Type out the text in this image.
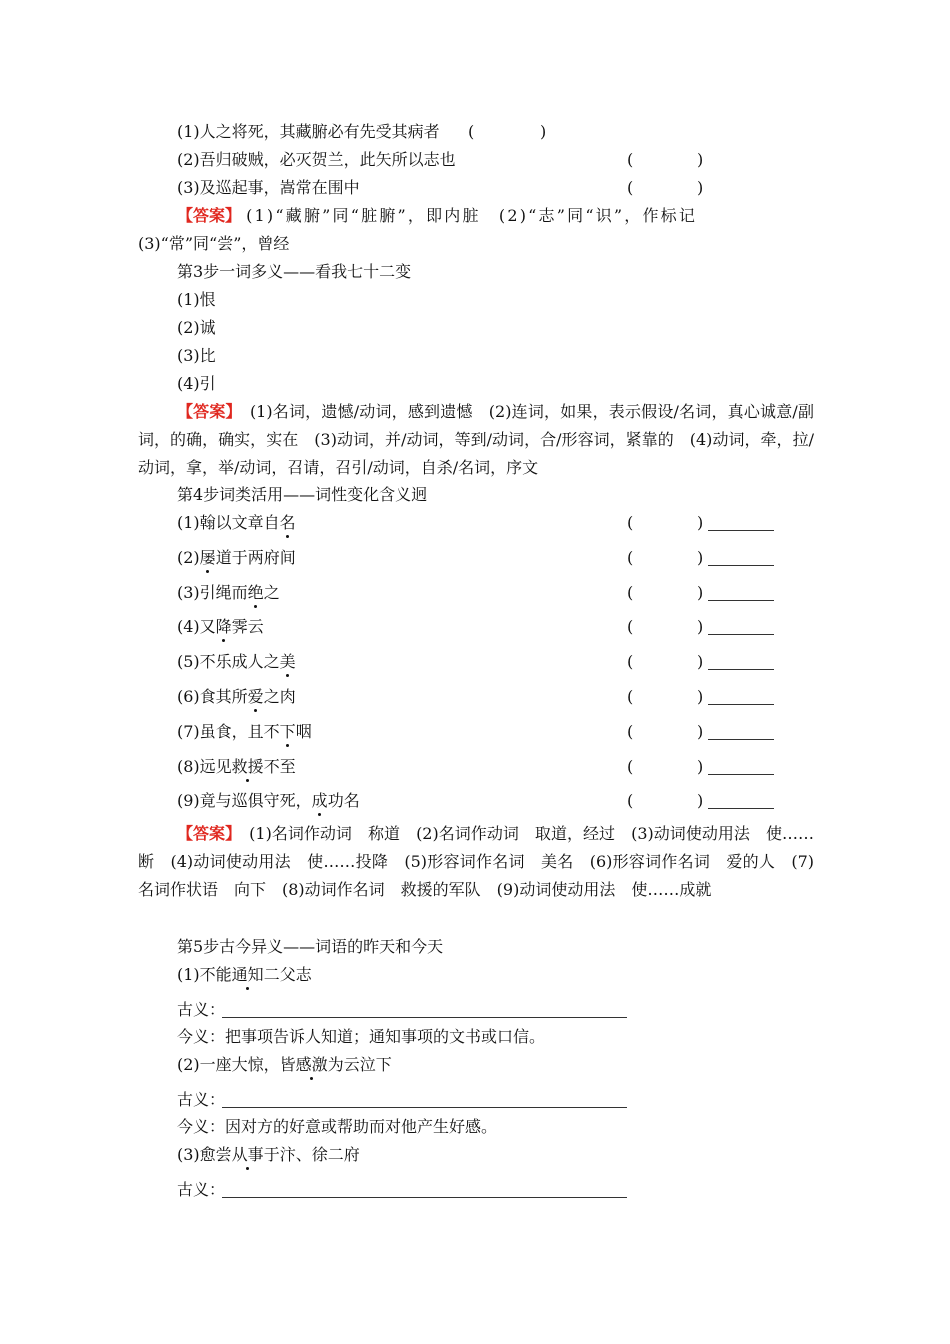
(1)人之将死，其藏腑必有先受其病者 (	)
(2)吾归破贼，必灭贺兰，此矢所以志也	(	)
(3)及巡起事，嵩常在围中	(	)
【答案】 (1)“藏腑”同“脏腑”，即内脏　(2)“志”同“识”，作标记
(3)“常”同“尝”，曾经
第3步一词多义——看我七十二变
(1)恨
(2)诚
(3)比
(4)引
【答案】　 (1)名词，遗憾/动词，感到遗憾　(2)连词，如果，表示假设/名词，真心诚意/副词，的确，确实，实在　(3)动词，并/动词，等到/动词，合/形容词，紧靠的　(4)动词，牵，拉/动词，拿，举/动词，召请，召引/动词，自杀/名词，序文
第4步词类活用——词性变化含义迥
(1)翰以文章自名	(	)
(2)屡道于两府间	(	)
(3)引绳而绝之	(	)
(4)又降霁云	(	)
(5)不乐成人之美	(	)
(6)食其所爱之肉	(	)
(7)虽食，且不下咽	(	)
(8)远见救援不至	(	)
(9)竟与巡俱守死，成功名	(	)
【答案】　 (1)名词作动词　称道　(2)名词作动词　取道，经过　(3)动词使动用法　使……断　(4)动词使动用法　使……投降　(5)形容词作名词　美名　(6)形容词作名词　爱的人　(7)名词作状语　向下　(8)动词作名词　救援的军队　(9)动词使动用法　使……成就
第5步古今异义——词语的昨天和今天
(1)不能通知二父志
古义：
今义：把事项告诉人知道；通知事项的文书或口信。
(2)一座大惊，皆感激为云泣下
古义：
今义：因对方的好意或帮助而对他产生好感。
(3)愈尝从事于汴、徐二府
古义：
